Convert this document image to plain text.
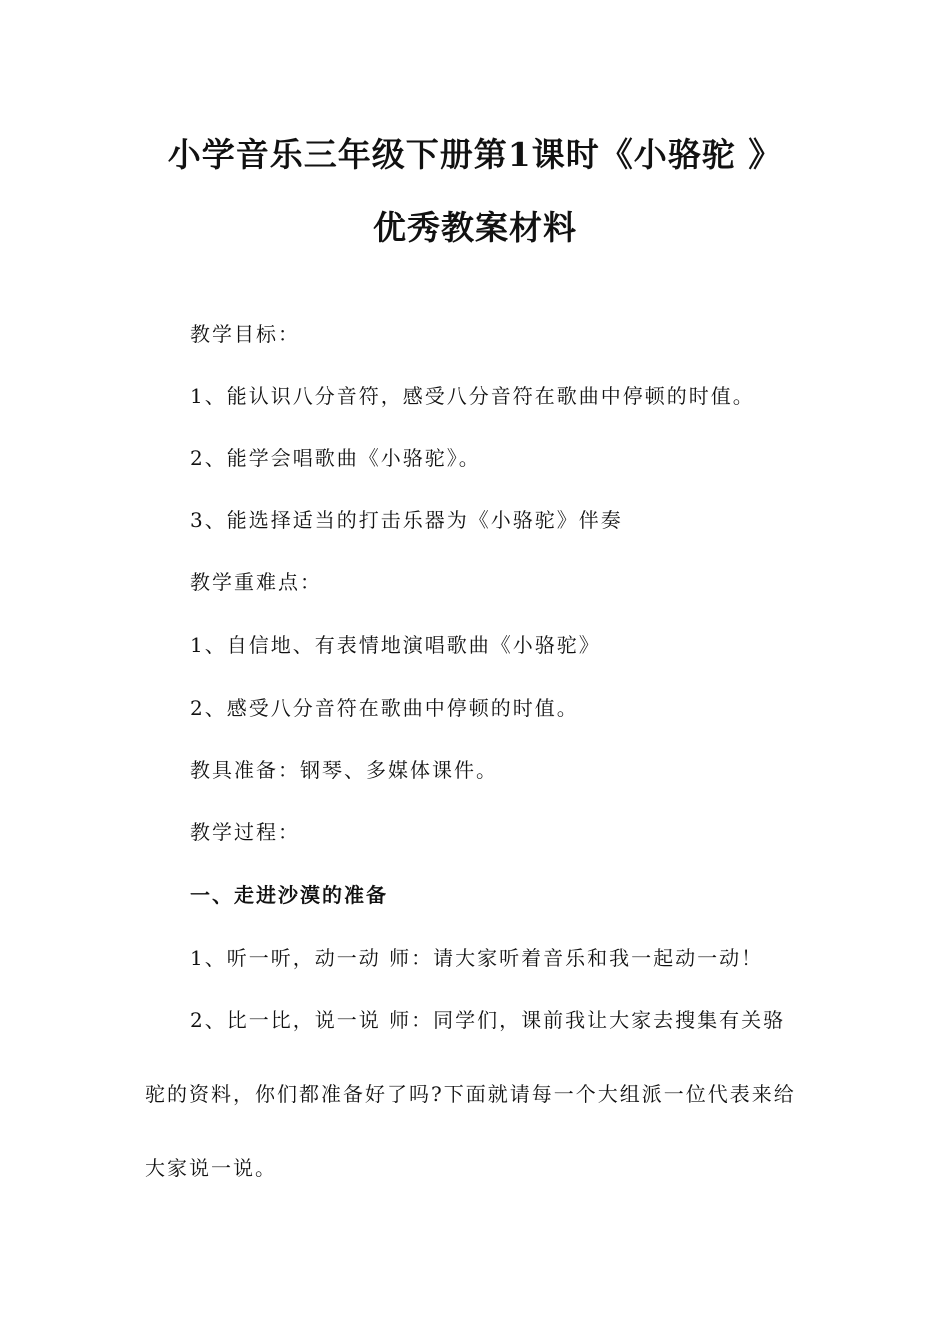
小学音乐三年级下册第1课时《小骆驼 》
优秀教案材料
教学目标：
1、能认识八分音符，感受八分音符在歌曲中停顿的时值。
2、能学会唱歌曲《小骆驼》。
3、能选择适当的打击乐器为《小骆驼》伴奏
教学重难点：
1、自信地、有表情地演唱歌曲《小骆驼》
2、感受八分音符在歌曲中停顿的时值。
教具准备：钢琴、多媒体课件。
教学过程：
一、走进沙漠的准备
1、听一听，动一动 师：请大家听着音乐和我一起动一动！
2、比一比，说一说 师：同学们，课前我让大家去搜集有关骆
驼的资料，你们都准备好了吗?下面就请每一个大组派一位代表来给
大家说一说。
